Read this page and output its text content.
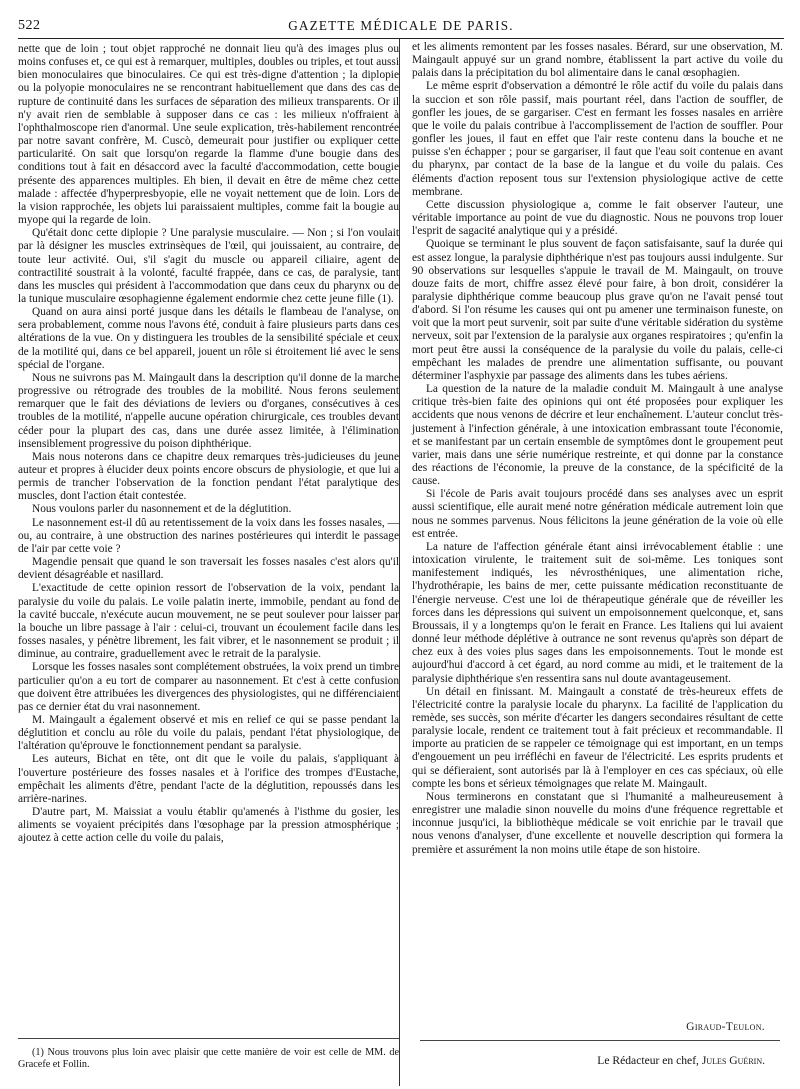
522	GAZETTE MÉDICALE DE PARIS.

nette que de loin ; tout objet rapproché ne donnait lieu qu'à des images plus ou moins confuses et, ce qui est à remarquer, multiples, doubles ou triples, et tout aussi bien monoculaires que binoculaires. Ce qui est très-digne d'attention ; la diplopie ou la polyopie monoculaires ne se rencontrant habituellement que dans des cas de rupture de continuité dans les surfaces de séparation des milieux transparents. Or il n'y avait rien de semblable à supposer dans ce cas : les milieux n'offraient à l'ophthalmoscope rien d'anormal. Une seule explication, très-habilement rencontrée par notre savant confrère, M. Cuscò, demeurait pour justifier ou expliquer cette particularité. On sait que lorsqu'on regarde la flamme d'une bougie dans des conditions tout à fait en désaccord avec la faculté d'accommodation, cette bougie présente des apparences multiples. Eh bien, il devait en être de même chez cette malade : affectée d'hyperpresbyopie, elle ne voyait nettement que de loin. Lors de la vision rapprochée, les objets lui paraissaient multiples, comme fait la bougie au myope qui la regarde de loin.

Qu'était donc cette diplopie ? Une paralysie musculaire. — Non ; si l'on voulait par là désigner les muscles extrinsèques de l'œil, qui jouissaient, au contraire, de toute leur activité. Oui, s'il s'agit du muscle ou appareil ciliaire, agent de contractilité soustrait à la volonté, faculté frappée, dans ce cas, de paralysie, tant dans les muscles qui président à l'accommodation que dans ceux du pharynx ou de la tunique musculaire œsophagienne également endormie chez cette jeune fille (1).

Quand on aura ainsi porté jusque dans les détails le flambeau de l'analyse, on sera probablement, comme nous l'avons été, conduit à faire plusieurs parts dans ces altérations de la vue. On y distinguera les troubles de la sensibilité spéciale et ceux de la motilité qui, dans ce bel appareil, jouent un rôle si étroitement lié avec le sens spécial de l'organe.

Nous ne suivrons pas M. Maingault dans la description qu'il donne de la marche progressive ou rétrograde des troubles de la mobilité. Nous ferons seulement remarquer que le fait des déviations de leviers ou d'organes, consécutives à ces troubles de la motilité, n'appelle aucune opération chirurgicale, ces troubles devant céder pour la plupart des cas, dans une durée assez limitée, à l'élimination insensiblement progressive du poison diphthérique.

Mais nous noterons dans ce chapitre deux remarques très-judicieuses du jeune auteur et propres à élucider deux points encore obscurs de physiologie, et que lui a permis de trancher l'observation de la fonction pendant l'état paralytique des muscles, dont l'action était contestée.

Nous voulons parler du nasonnement et de la déglutition.

Le nasonnement est-il dû au retentissement de la voix dans les fosses nasales, — ou, au contraire, à une obstruction des narines postérieures qui interdit le passage de l'air par cette voie ?

Magendie pensait que quand le son traversait les fosses nasales c'est alors qu'il devient désagréable et nasillard.

L'exactitude de cette opinion ressort de l'observation de la voix, pendant la paralysie du voile du palais. Le voile palatin inerte, immobile, pendant au fond de la cavité buccale, n'exécute aucun mouvement, ne se peut soulever pour laisser par la bouche un libre passage à l'air : celui-ci, trouvant un écoulement facile dans les fosses nasales, y pénètre librement, les fait vibrer, et le nasonnement se produit ; il diminue, au contraire, graduellement avec le retrait de la paralysie.

Lorsque les fosses nasales sont complétement obstruées, la voix prend un timbre particulier qu'on a eu tort de comparer au nasonnement. Et c'est à cette confusion que doivent être attribuées les divergences des physiologistes, qui ne différenciaient pas ce dernier état du vrai nasonnement.

M. Maingault a également observé et mis en relief ce qui se passe pendant la déglutition et conclu au rôle du voile du palais, pendant l'état physiologique, de l'altération qu'éprouve le fonctionnement pendant sa paralysie.

Les auteurs, Bichat en tête, ont dit que le voile du palais, s'appliquant à l'ouverture postérieure des fosses nasales et à l'orifice des trompes d'Eustache, empêchait les aliments d'être, pendant l'acte de la déglutition, repoussés dans les arrière-narines.

D'autre part, M. Maissiat a voulu établir qu'amenés à l'isthme du gosier, les aliments se voyaient précipités dans l'œsophage par la pression atmosphérique ; ajoutez à cette action celle du voile du palais,

(1) Nous trouvons plus loin avec plaisir que cette manière de voir est celle de MM. de Gracefe et Follin.

et les aliments remontent par les fosses nasales. Bérard, sur une observation, M. Maingault appuyé sur un grand nombre, établissent la part active du voile du palais dans la précipitation du bol alimentaire dans le canal œsophagien.

Le même esprit d'observation a démontré le rôle actif du voile du palais dans la succion et son rôle passif, mais pourtant réel, dans l'action de souffler, de gonfler les joues, de se gargariser. C'est en fermant les fosses nasales en arrière que le voile du palais contribue à l'accomplissement de l'action de souffler. Pour gonfler les joues, il faut en effet que l'air reste contenu dans la bouche et ne puisse s'en échapper ; pour se gargariser, il faut que l'eau soit contenue en avant du pharynx, par contact de la base de la langue et du voile du palais. Ces éléments d'action reposent tous sur l'extension physiologique active de cette membrane.

Cette discussion physiologique a, comme le fait observer l'auteur, une véritable importance au point de vue du diagnostic. Nous ne pouvons trop louer l'esprit de sagacité analytique qui y a présidé.

Quoique se terminant le plus souvent de façon satisfaisante, sauf la durée qui est assez longue, la paralysie diphthérique n'est pas toujours aussi indulgente. Sur 90 observations sur lesquelles s'appuie le travail de M. Maingault, on trouve douze faits de mort, chiffre assez élevé pour faire, à bon droit, considérer la paralysie diphthérique comme beaucoup plus grave qu'on ne l'avait pensé tout d'abord. Si l'on résume les causes qui ont pu amener une terminaison funeste, on voit que la mort peut survenir, soit par suite d'une véritable sidération du système nerveux, soit par l'extension de la paralysie aux organes respiratoires ; qu'enfin la mort peut être aussi la conséquence de la paralysie du voile du palais, celle-ci empêchant les malades de prendre une alimentation suffisante, ou pouvant déterminer l'asphyxie par passage des aliments dans les tubes aériens.

La question de la nature de la maladie conduit M. Maingault à une analyse critique très-bien faite des opinions qui ont été proposées pour expliquer les accidents que nous venons de décrire et leur enchaînement. L'auteur conclut très-justement à l'infection générale, à une intoxication embrassant toute l'économie, et se manifestant par un certain ensemble de symptômes dont le groupement peut varier, mais dans une série numérique restreinte, et qui donne par la constance des réactions de l'économie, la preuve de la constance, de la spécificité de la cause.

Si l'école de Paris avait toujours procédé dans ses analyses avec un esprit aussi scientifique, elle aurait mené notre génération médicale autrement loin que nous ne sommes parvenus. Nous félicitons la jeune génération de la voie où elle est entrée.

La nature de l'affection générale étant ainsi irrévocablement établie : une intoxication virulente, le traitement suit de soi-même. Les toniques sont manifestement indiqués, les névrosthéniques, une alimentation riche, l'hydrothérapie, les bains de mer, cette puissante médication reconstituante de l'énergie nerveuse. C'est une loi de thérapeutique générale que de réveiller les forces dans les dépressions qui suivent un empoisonnement quelconque, et, sans Broussais, il y a longtemps qu'on le ferait en France. Les Italiens qui lui avaient donné leur méthode déplétive à outrance ne sont revenus qu'après son départ de chez eux à des voies plus sages dans les empoisonnements. Tout le monde est aujourd'hui d'accord à cet égard, au nord comme au midi, et le traitement de la paralysie diphthérique s'en ressentira sans nul doute avantageusement.

Un détail en finissant. M. Maingault a constaté de très-heureux effets de l'électricité contre la paralysie locale du pharynx. La facilité de l'application du remède, ses succès, son mérite d'écarter les dangers secondaires résultant de cette paralysie locale, rendent ce traitement tout à fait précieux et recommandable. Il importe au praticien de se rappeler ce témoignage qui est important, en un temps d'engouement un peu irréfléchi en faveur de l'électricité. Les esprits prudents et qui se défieraient, sont autorisés par là à l'employer en ces cas spéciaux, où elle compte les bons et sérieux témoignages que relate M. Maingault.

Nous terminerons en constatant que si l'humanité a malheureusement à enregistrer une maladie sinon nouvelle du moins d'une fréquence regrettable et inconnue jusqu'ici, la bibliothèque médicale se voit enrichie par le travail que nous venons d'analyser, d'une excellente et nouvelle description qui formera la première et assurément la non moins utile étape de son histoire.

Giraud-Teulon.
Le Rédacteur en chef, Jules Guérin.
